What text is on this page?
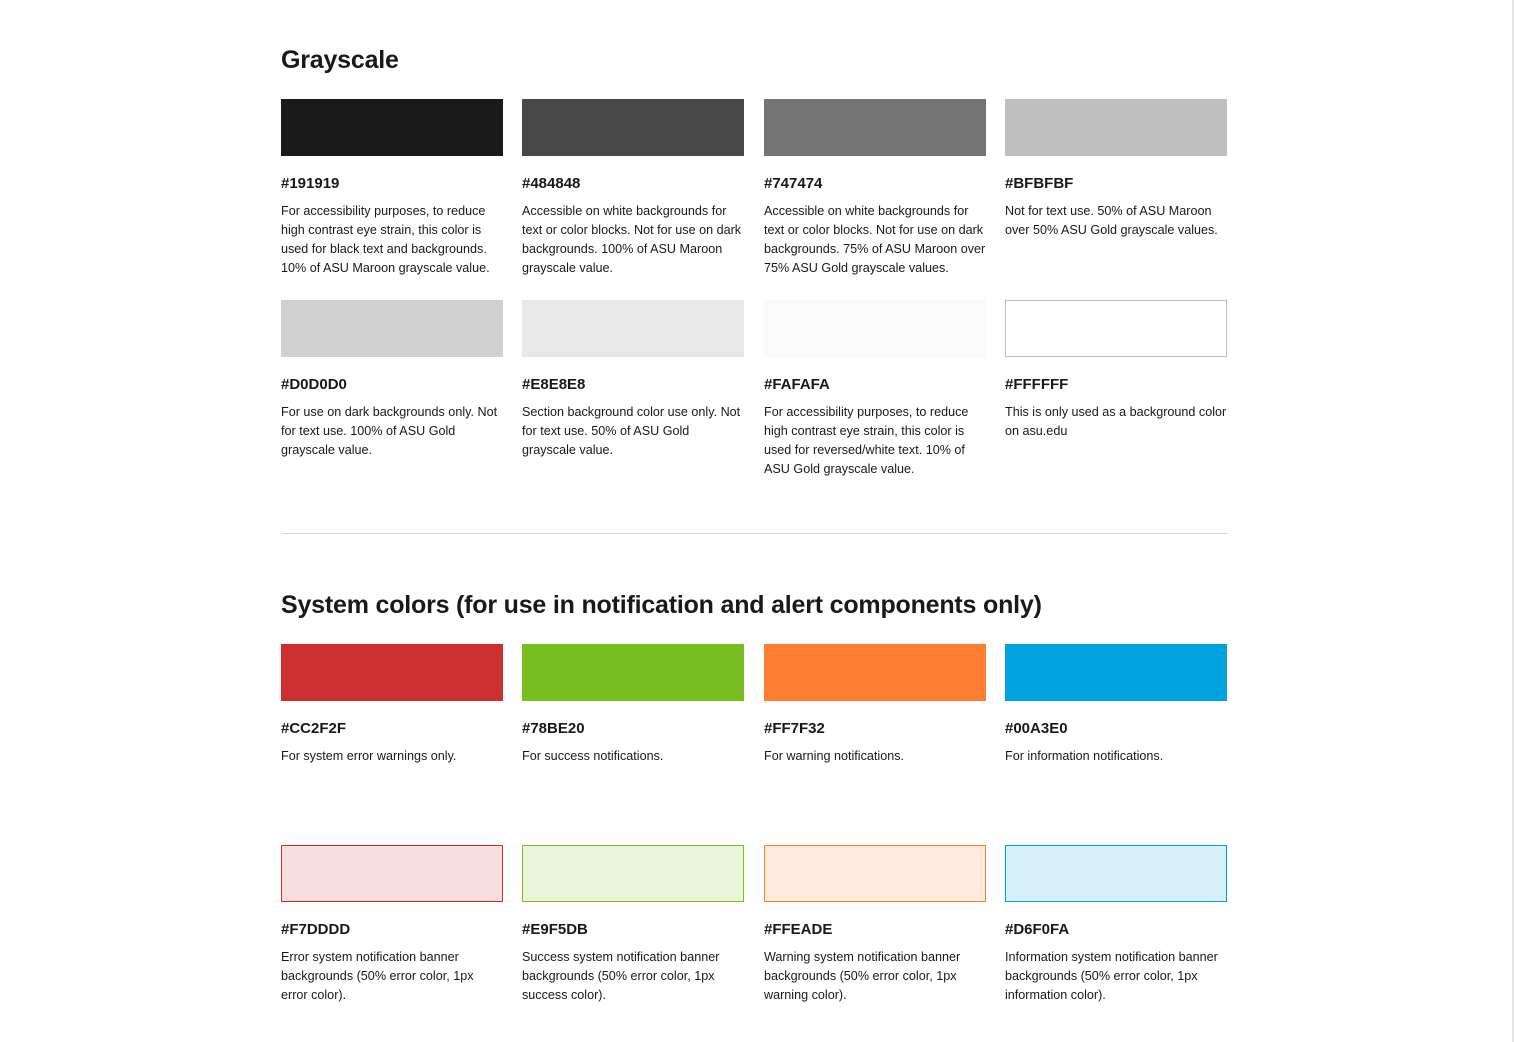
Grayscale
#191919
For accessibility purposes, to reduce high contrast eye strain, this color is used for black text and backgrounds. 10% of ASU Maroon grayscale value.
#484848
Accessible on white backgrounds for text or color blocks. Not for use on dark backgrounds. 100% of ASU Maroon grayscale value.
#747474
Accessible on white backgrounds for text or color blocks. Not for use on dark backgrounds. 75% of ASU Maroon over 75% ASU Gold grayscale values.
#BFBFBF
Not for text use. 50% of ASU Maroon over 50% ASU Gold grayscale values.
#D0D0D0
For use on dark backgrounds only. Not for text use. 100% of ASU Gold grayscale value.
#E8E8E8
Section background color use only. Not for text use. 50% of ASU Gold grayscale value.
#FAFAFA
For accessibility purposes, to reduce high contrast eye strain, this color is used for reversed/white text. 10% of ASU Gold grayscale value.
#FFFFFF
This is only used as a background color on asu.edu
System colors (for use in notification and alert components only)
#CC2F2F
For system error warnings only.
#78BE20
For success notifications.
#FF7F32
For warning notifications.
#00A3E0
For information notifications.
#F7DDDD
Error system notification banner backgrounds (50% error color, 1px error color).
#E9F5DB
Success system notification banner backgrounds (50% error color, 1px success color).
#FFEADE
Warning system notification banner backgrounds (50% error color, 1px warning color).
#D6F0FA
Information system notification banner backgrounds (50% error color, 1px information color).
